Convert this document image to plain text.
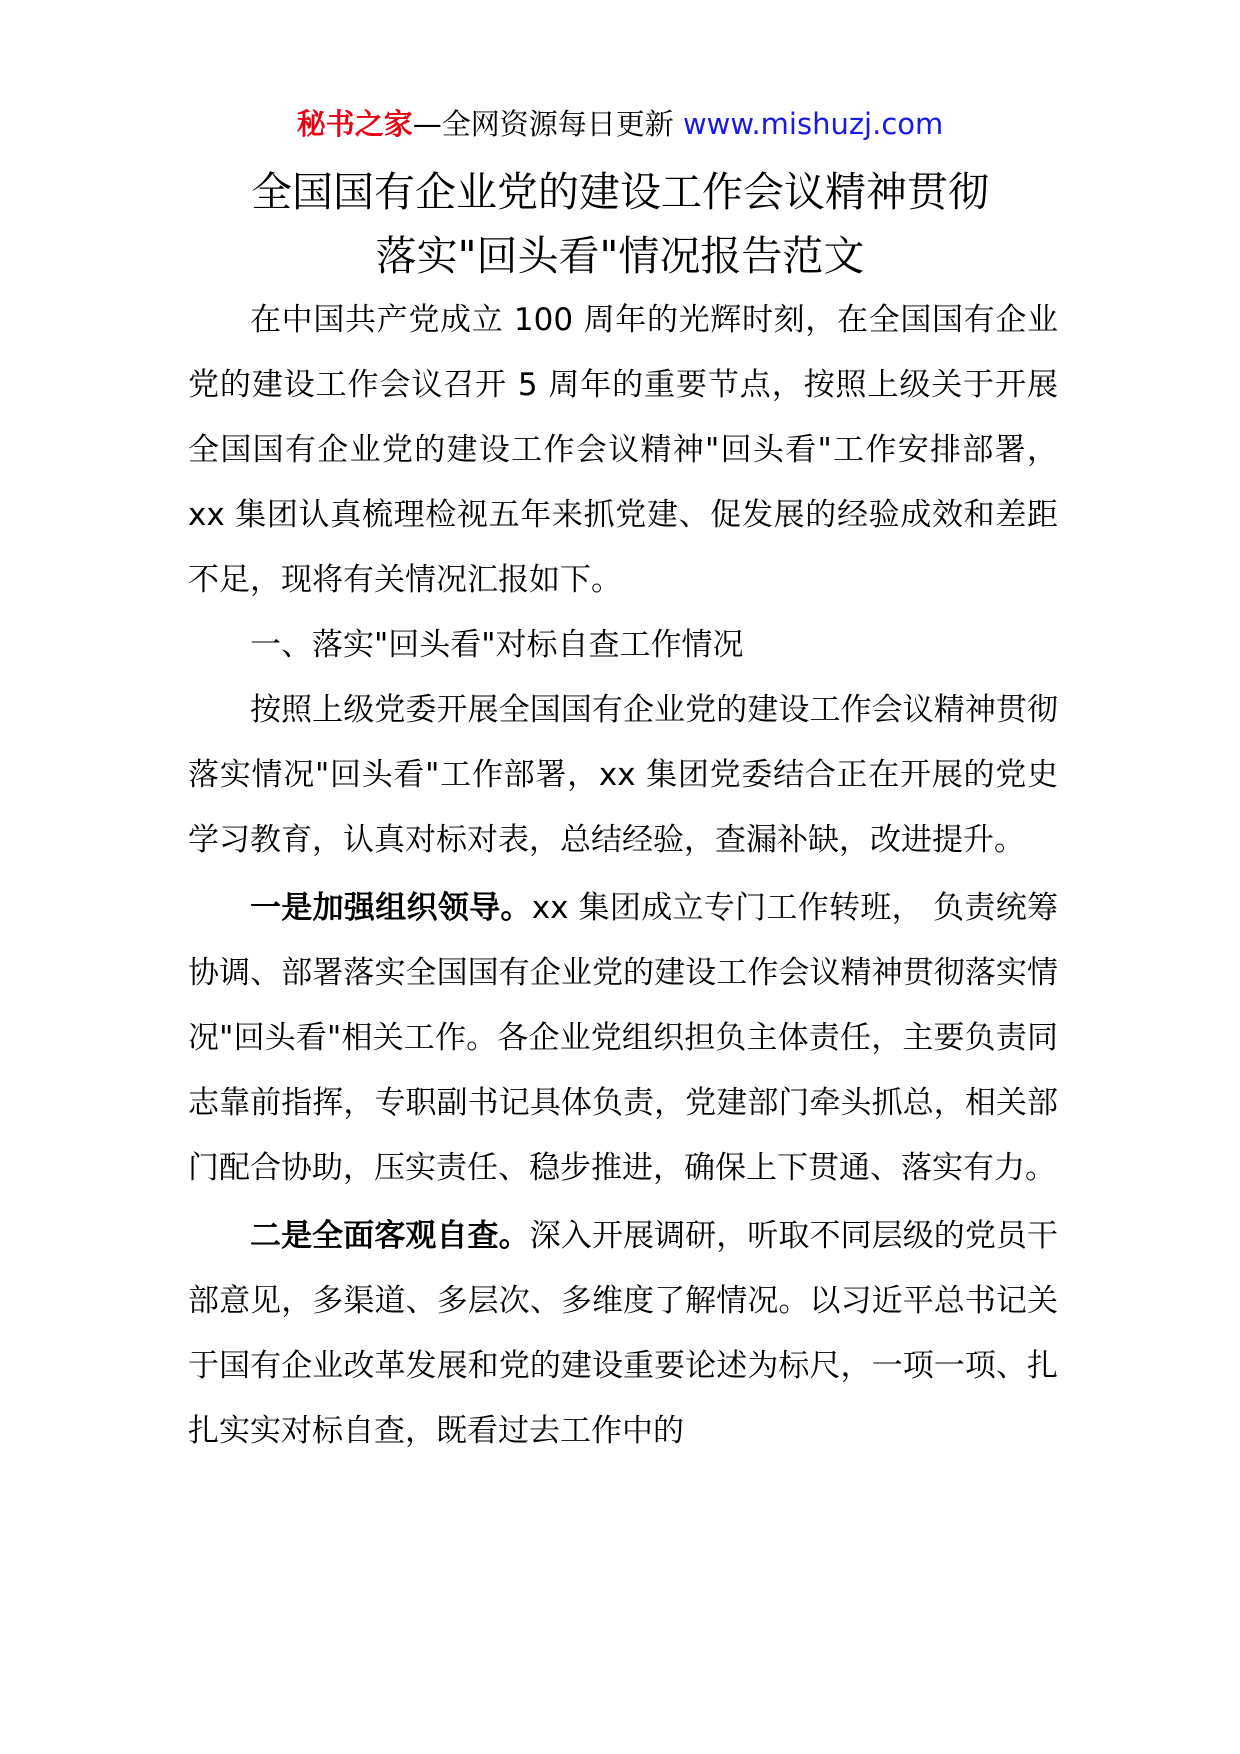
秘书之家—全网资源每日更新 www.mishuzj.com
全国国有企业党的建设工作会议精神贯彻
落实"回头看"情况报告范文

在中国共产党成立 100 周年的光辉时刻，在全国国有企业党的建设工作会议召开 5 周年的重要节点，按照上级关于开展全国国有企业党的建设工作会议精神"回头看"工作安排部署，xx 集团认真梳理检视五年来抓党建、促发展的经验成效和差距不足，现将有关情况汇报如下。

一、落实"回头看"对标自查工作情况

按照上级党委开展全国国有企业党的建设工作会议精神贯彻落实情况"回头看"工作部署，xx 集团党委结合正在开展的党史学习教育，认真对标对表，总结经验，查漏补缺，改进提升。

一是加强组织领导。xx 集团成立专门工作转班， 负责统筹协调、部署落实全国国有企业党的建设工作会议精神贯彻落实情况"回头看"相关工作。各企业党组织担负主体责任，主要负责同志靠前指挥，专职副书记具体负责，党建部门牵头抓总，相关部门配合协助，压实责任、稳步推进，确保上下贯通、落实有力。

二是全面客观自查。深入开展调研，听取不同层级的党员干部意见，多渠道、多层次、多维度了解情况。以习近平总书记关于国有企业改革发展和党的建设重要论述为标尺，一项一项、扎扎实实对标自查，既看过去工作中的
